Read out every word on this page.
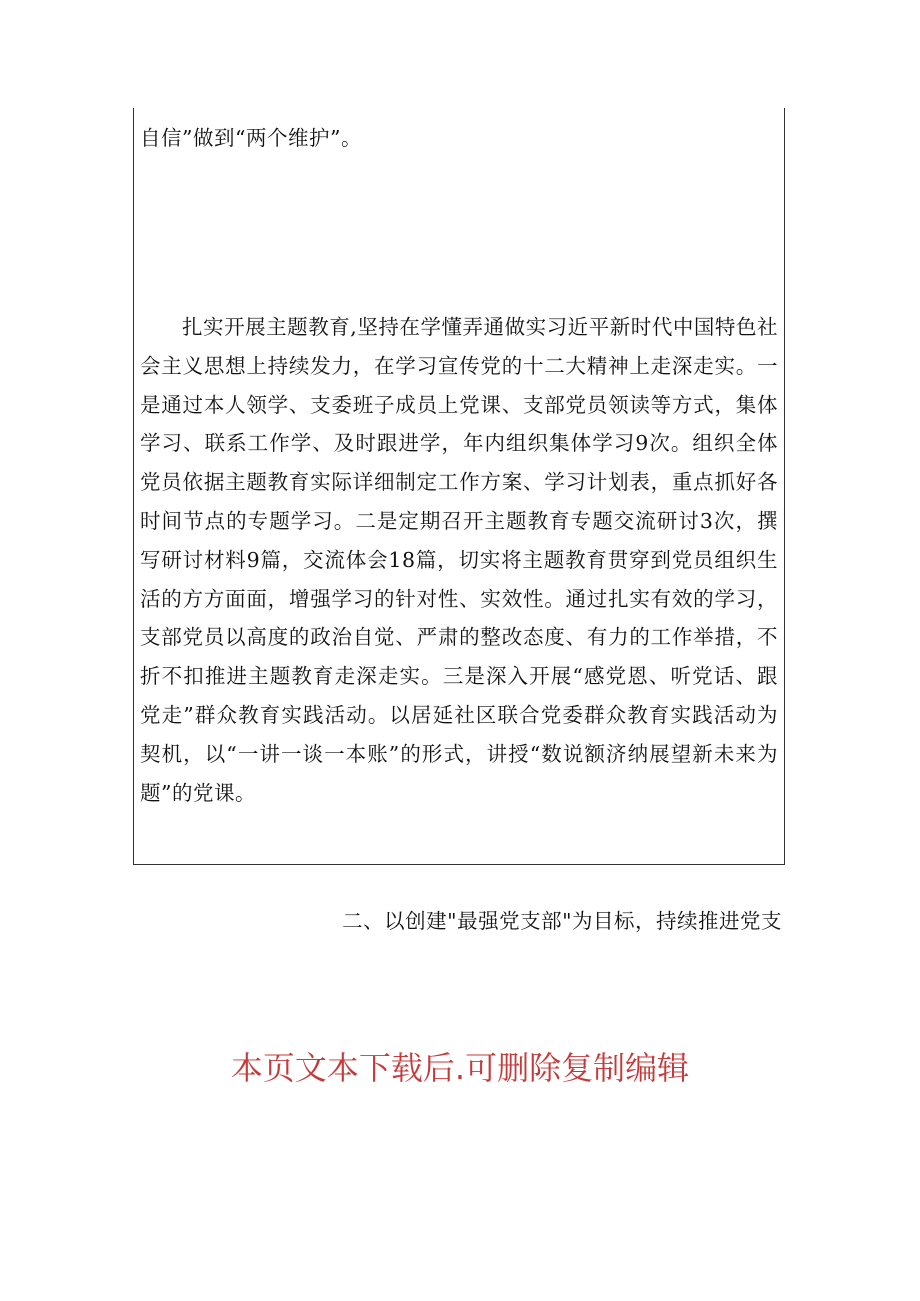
自信”做到“两个维护”。

扎实开展主题教育,坚持在学懂弄通做实习近平新时代中国特色社会主义思想上持续发力，在学习宣传党的十二大精神上走深走实。一是通过本人领学、支委班子成员上党课、支部党员领读等方式，集体学习、联系工作学、及时跟进学，年内组织集体学习9次。组织全体党员依据主题教育实际详细制定工作方案、学习计划表，重点抓好各时间节点的专题学习。二是定期召开主题教育专题交流研讨3次，撰写研讨材料9篇，交流体会18篇，切实将主题教育贯穿到党员组织生活的方方面面，增强学习的针对性、实效性。通过扎实有效的学习，支部党员以高度的政治自觉、严肃的整改态度、有力的工作举措，不折不扣推进主题教育走深走实。三是深入开展“感党恩、听党话、跟党走”群众教育实践活动。以居延社区联合党委群众教育实践活动为契机，以“一讲一谈一本账”的形式，讲授“数说额济纳展望新未来为题”的党课。

二、以创建"最强党支部"为目标，持续推进党支
本页文本下载后.可删除复制编辑
